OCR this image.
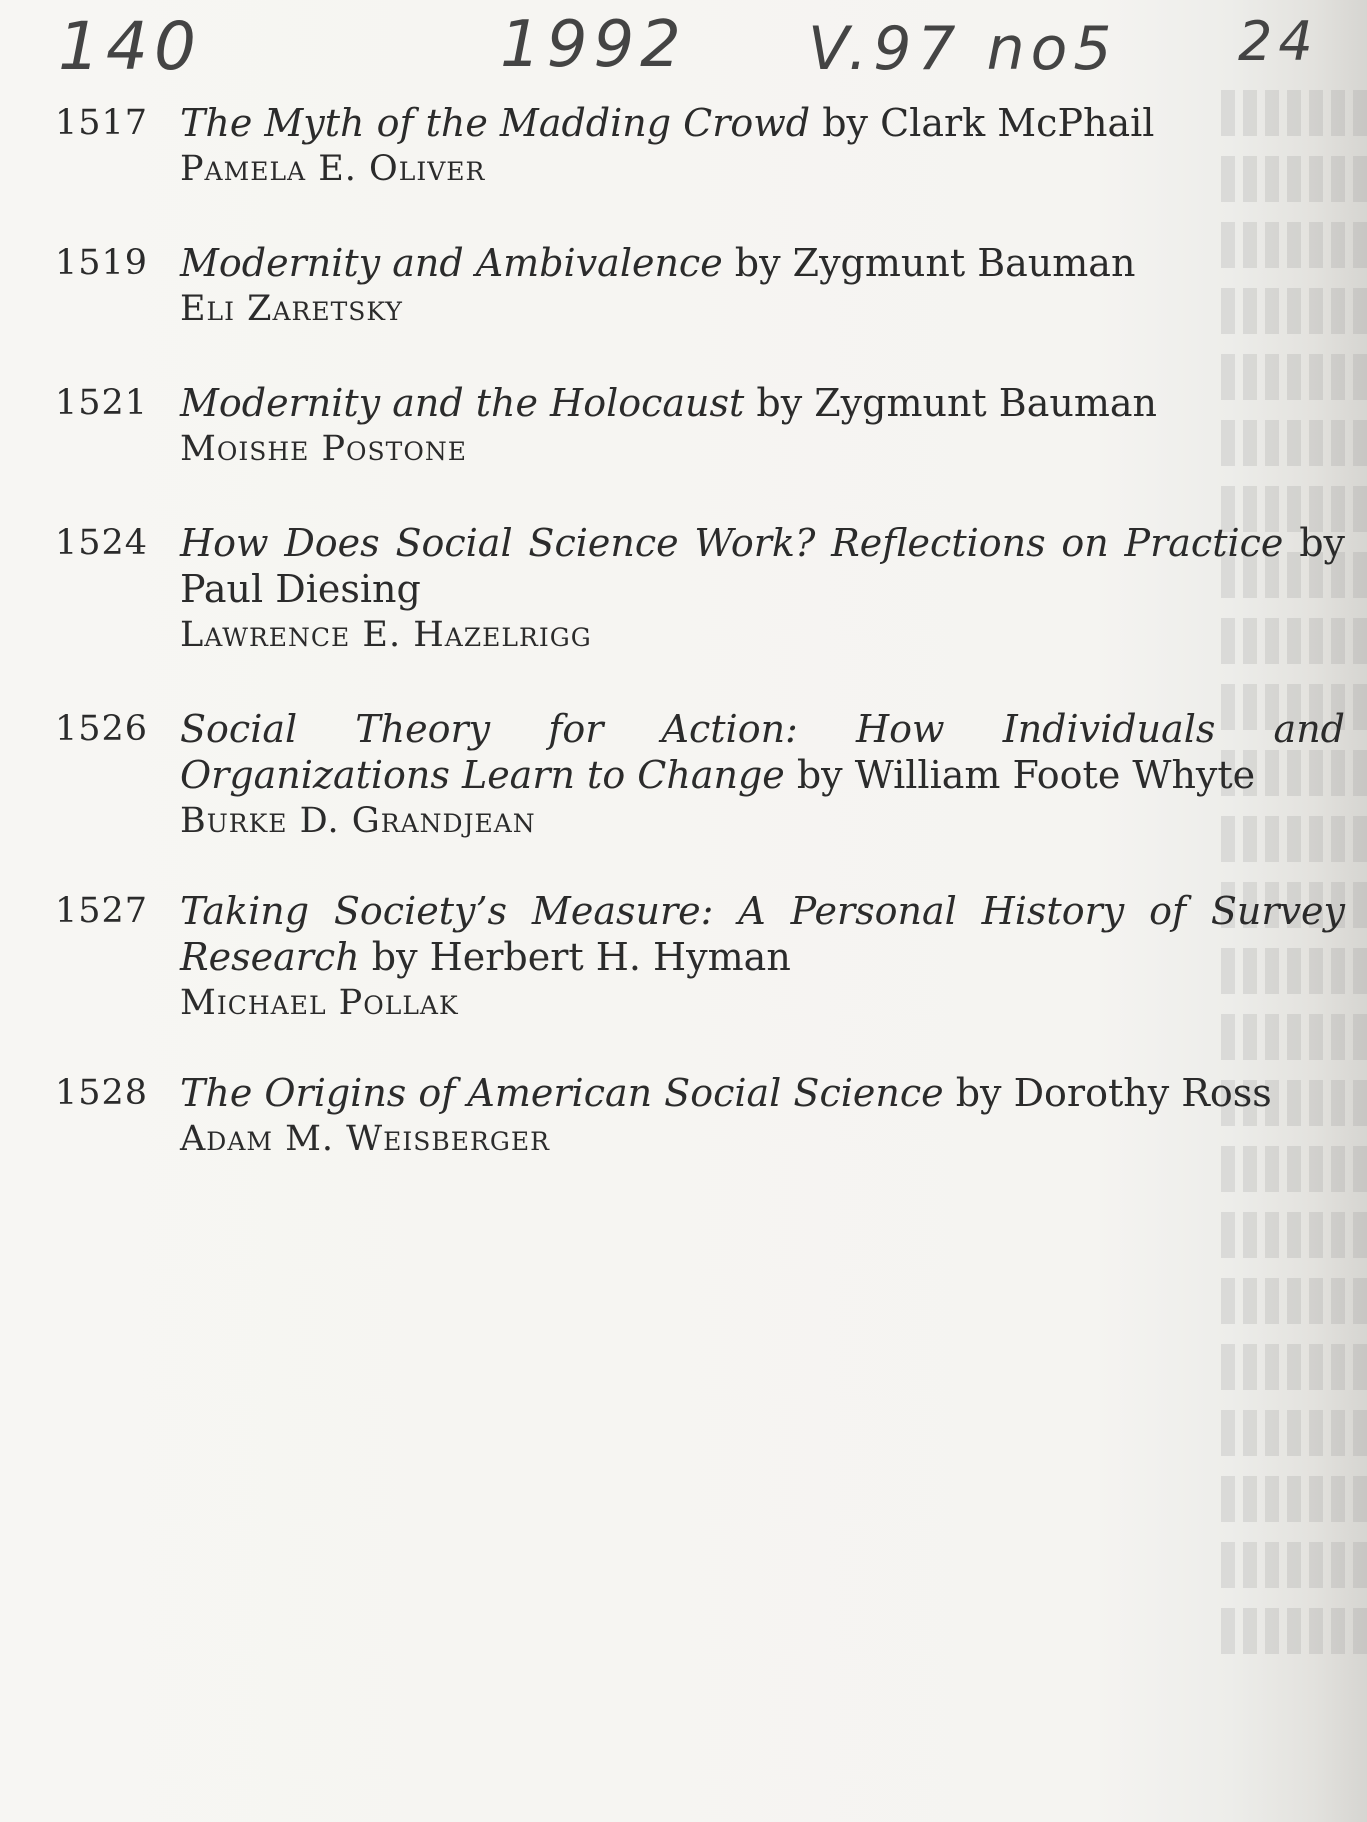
140	1992 V.97 no5 24
1517 The Myth of the Madding Crowd by Clark McPhail
Pamela E. Oliver
1519 Modernity and Ambivalence by Zygmunt Bauman
Eli Zaretsky
1521 Modernity and the Holocaust by Zygmunt Bauman
Moishe Postone
1524 How Does Social Science Work? Reflections on Practice by Paul Diesing
Lawrence E. Hazelrigg
1526 Social Theory for Action: How Individuals and Organizations Learn to Change by William Foote Whyte
Burke D. Grandjean
1527 Taking Society’s Measure: A Personal History of Survey Research by Herbert H. Hyman
Michael Pollak
1528 The Origins of American Social Science by Dorothy Ross
Adam M. Weisberger
